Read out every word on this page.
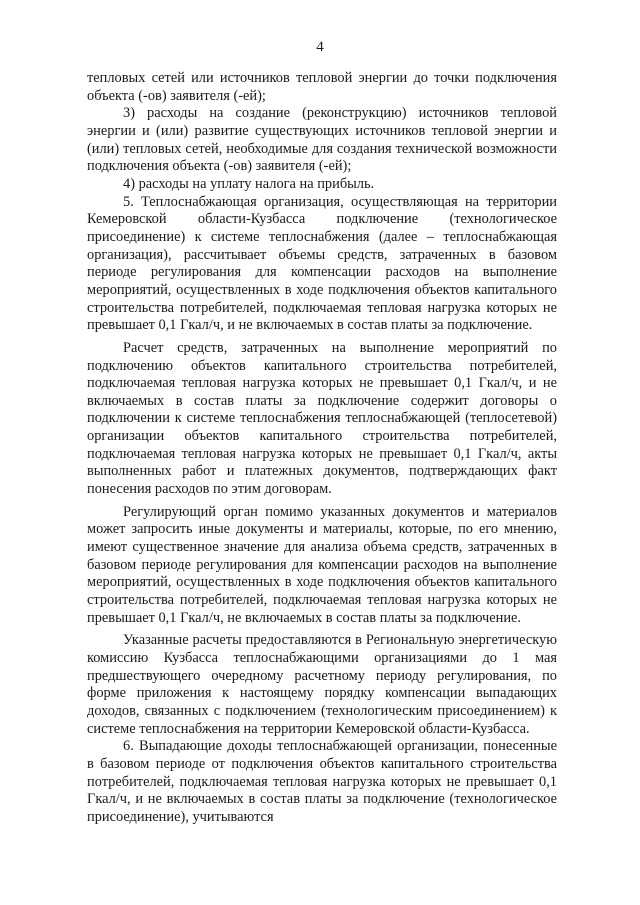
4

тепловых сетей или источников тепловой энергии до точки подключения объекта (-ов) заявителя (-ей);

3) расходы на создание (реконструкцию) источников тепловой энергии и (или) развитие существующих источников тепловой энергии и (или) тепловых сетей, необходимые для создания технической возможности подключения объекта (-ов) заявителя (-ей);

4) расходы на уплату налога на прибыль.

5. Теплоснабжающая организация, осуществляющая на территории Кемеровской области-Кузбасса подключение (технологическое присоединение) к системе теплоснабжения (далее – теплоснабжающая организация), рассчитывает объемы средств, затраченных в базовом периоде регулирования для компенсации расходов на выполнение мероприятий, осуществленных в ходе подключения объектов капитального строительства потребителей, подключаемая тепловая нагрузка которых не превышает 0,1 Гкал/ч, и не включаемых в состав платы за подключение.

Расчет средств, затраченных на выполнение мероприятий по подключению объектов капитального строительства потребителей, подключаемая тепловая нагрузка которых не превышает 0,1 Гкал/ч, и не включаемых в состав платы за подключение содержит договоры о подключении к системе теплоснабжения теплоснабжающей (теплосетевой) организации объектов капитального строительства потребителей, подключаемая тепловая нагрузка которых не превышает 0,1 Гкал/ч, акты выполненных работ и платежных документов, подтверждающих факт понесения расходов по этим договорам.

Регулирующий орган помимо указанных документов и материалов может запросить иные документы и материалы, которые, по его мнению, имеют существенное значение для анализа объема средств, затраченных в базовом периоде регулирования для компенсации расходов на выполнение мероприятий, осуществленных в ходе подключения объектов капитального строительства потребителей, подключаемая тепловая нагрузка которых не превышает 0,1 Гкал/ч, не включаемых в состав платы за подключение.

Указанные расчеты предоставляются в Региональную энергетическую комиссию Кузбасса теплоснабжающими организациями до 1 мая предшествующего очередному расчетному периоду регулирования, по форме приложения к настоящему порядку компенсации выпадающих доходов, связанных с подключением (технологическим присоединением) к системе теплоснабжения на территории Кемеровской области-Кузбасса.

6. Выпадающие доходы теплоснабжающей организации, понесенные в базовом периоде от подключения объектов капитального строительства потребителей, подключаемая тепловая нагрузка которых не превышает 0,1 Гкал/ч, и не включаемых в состав платы за подключение (технологическое присоединение), учитываются
